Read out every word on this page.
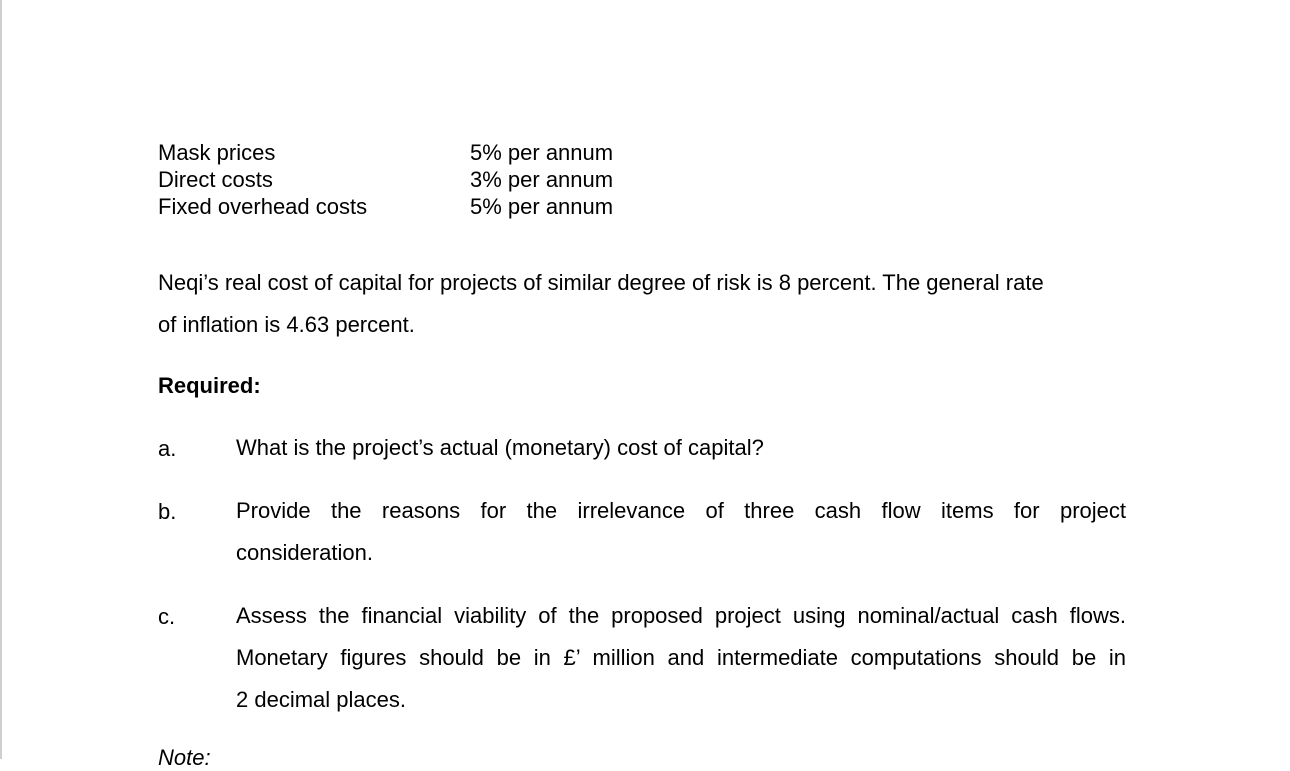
Mask prices	5% per annum
Direct costs	3% per annum
Fixed overhead costs	5% per annum
Neqi’s real cost of capital for projects of similar degree of risk is 8 percent. The general rate
of inflation is 4.63 percent.
Required:
a.	What is the project’s actual (monetary) cost of capital?
b.	Provide the reasons for the irrelevance of three cash flow items for project
consideration.
c.	Assess the financial viability of the proposed project using nominal/actual cash flows.
Monetary figures should be in £’ million and intermediate computations should be in
2 decimal places.
Note:
